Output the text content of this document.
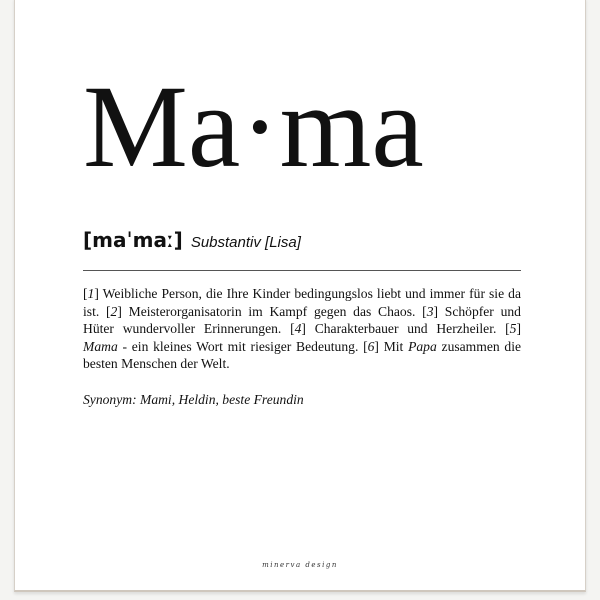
Ma·ma
[maˈmaː] Substantiv [Lisa]

[1] Weibliche Person, die Ihre Kinder bedingungslos liebt und immer für sie da ist. [2] Meisterorganisatorin im Kampf gegen das Chaos. [3] Schöpfer und Hüter wundervoller Erinnerungen. [4] Charakterbauer und Herzheiler. [5] Mama - ein kleines Wort mit riesiger Bedeutung. [6] Mit Papa zusammen die besten Menschen der Welt.

Synonym: Mami, Heldin, beste Freundin

minerva design
